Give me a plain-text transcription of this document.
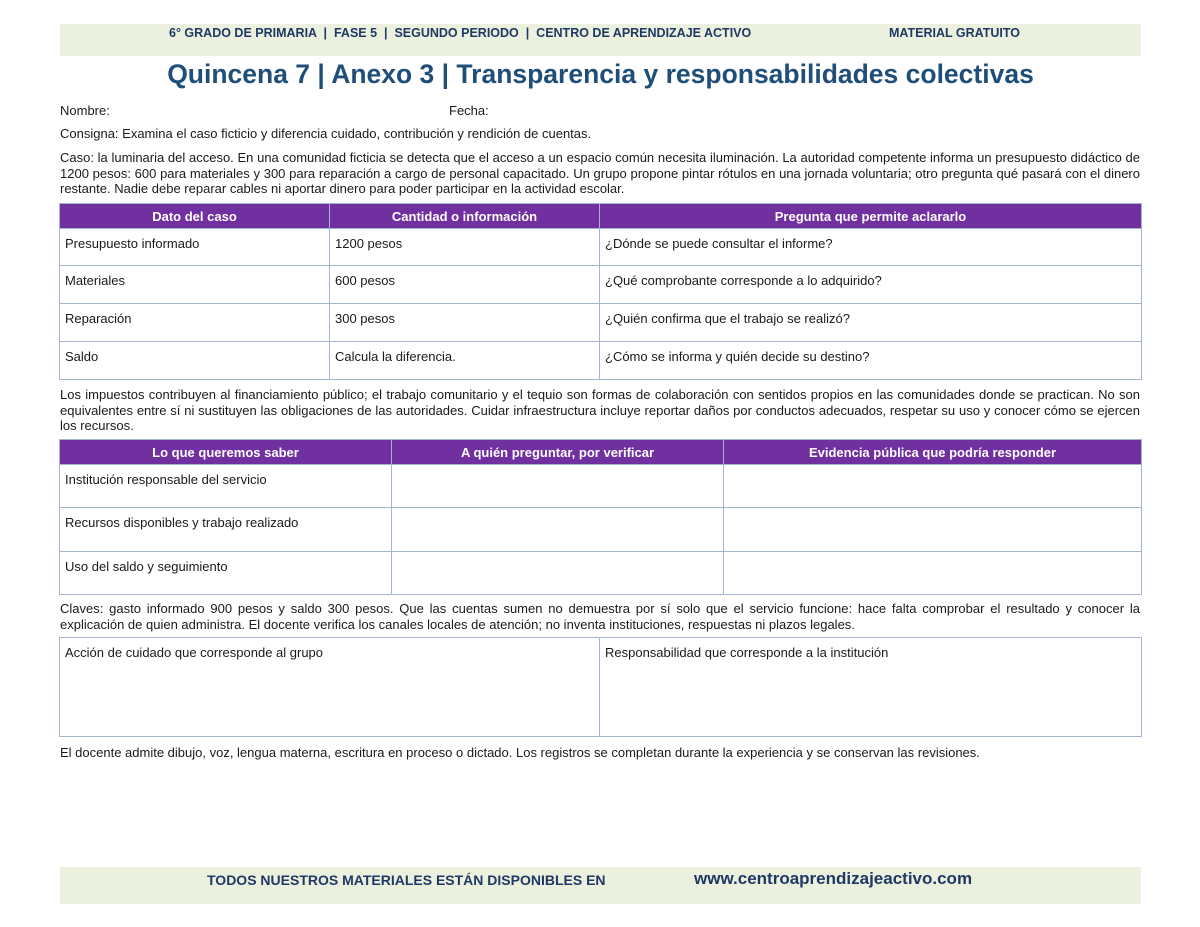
6° GRADO DE PRIMARIA  |  FASE 5  |  SEGUNDO PERIODO  |  CENTRO DE APRENDIZAJE ACTIVO	MATERIAL GRATUITO
Quincena 7 | Anexo 3 | Transparencia y responsabilidades colectivas
Nombre:	Fecha:
Consigna: Examina el caso ficticio y diferencia cuidado, contribución y rendición de cuentas.
Caso: la luminaria del acceso. En una comunidad ficticia se detecta que el acceso a un espacio común necesita iluminación. La autoridad competente informa un presupuesto didáctico de 1200 pesos: 600 para materiales y 300 para reparación a cargo de personal capacitado. Un grupo propone pintar rótulos en una jornada voluntaria; otro pregunta qué pasará con el dinero restante. Nadie debe reparar cables ni aportar dinero para poder participar en la actividad escolar.
Dato del caso	Cantidad o información	Pregunta que permite aclararlo
Presupuesto informado	1200 pesos	¿Dónde se puede consultar el informe?
Materiales	600 pesos	¿Qué comprobante corresponde a lo adquirido?
Reparación	300 pesos	¿Quién confirma que el trabajo se realizó?
Saldo	Calcula la diferencia.	¿Cómo se informa y quién decide su destino?
Los impuestos contribuyen al financiamiento público; el trabajo comunitario y el tequio son formas de colaboración con sentidos propios en las comunidades donde se practican. No son equivalentes entre sí ni sustituyen las obligaciones de las autoridades. Cuidar infraestructura incluye reportar daños por conductos adecuados, respetar su uso y conocer cómo se ejercen los recursos.
Lo que queremos saber	A quién preguntar, por verificar	Evidencia pública que podría responder
Institución responsable del servicio		
Recursos disponibles y trabajo realizado		
Uso del saldo y seguimiento		
Claves: gasto informado 900 pesos y saldo 300 pesos. Que las cuentas sumen no demuestra por sí solo que el servicio funcione: hace falta comprobar el resultado y conocer la explicación de quien administra. El docente verifica los canales locales de atención; no inventa instituciones, respuestas ni plazos legales.
Acción de cuidado que corresponde al grupo	Responsabilidad que corresponde a la institución
El docente admite dibujo, voz, lengua materna, escritura en proceso o dictado. Los registros se completan durante la experiencia y se conservan las revisiones.
TODOS NUESTROS MATERIALES ESTÁN DISPONIBLES EN	www.centroaprendizajeactivo.com
